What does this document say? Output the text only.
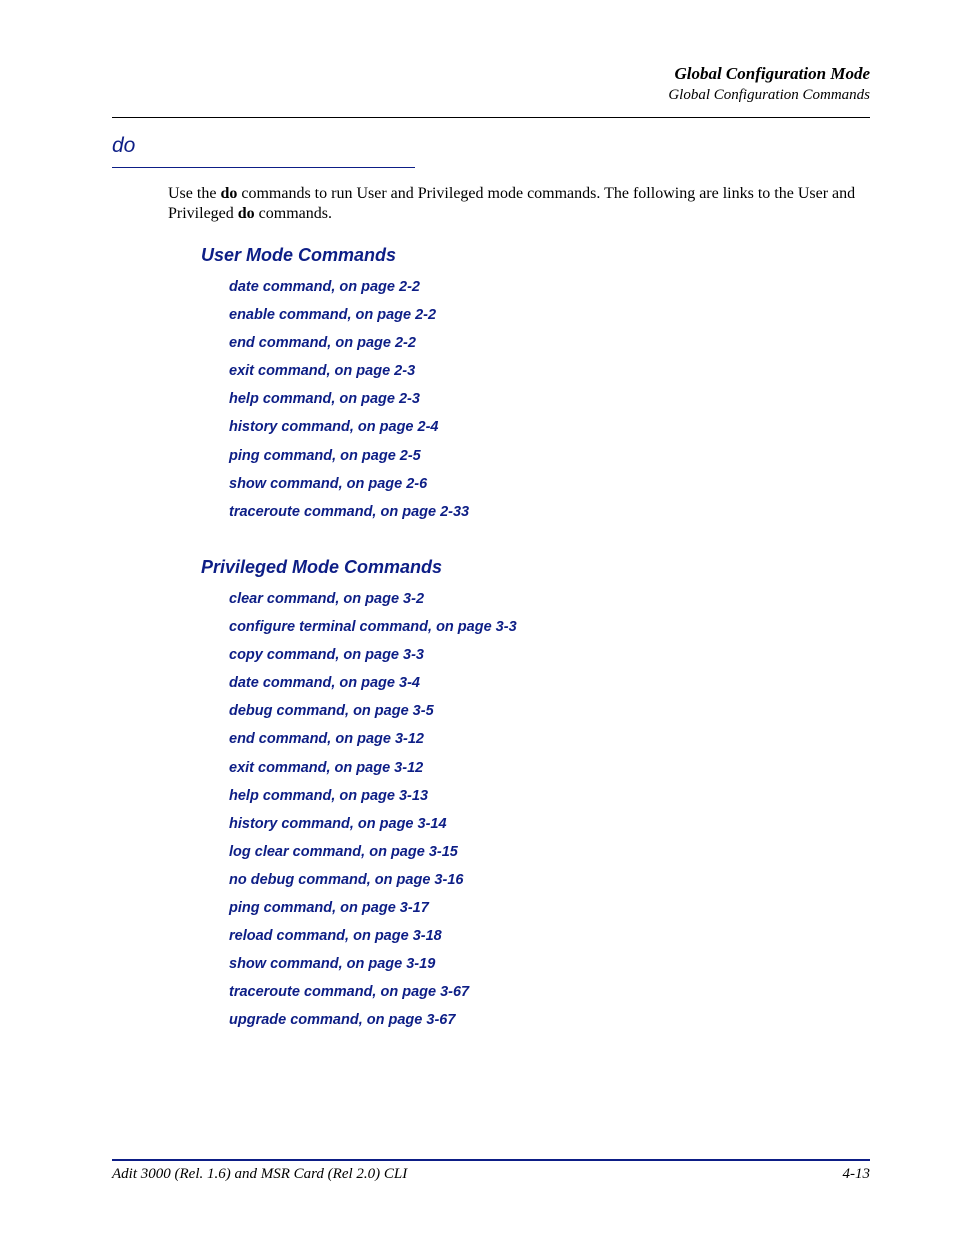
Global Configuration Mode
Global Configuration Commands
do

Use the do commands to run User and Privileged mode commands. The following are links to the User and Privileged do commands.

User Mode Commands
date command, on page 2-2
enable command, on page 2-2
end command, on page 2-2
exit command, on page 2-3
help command, on page 2-3
history command, on page 2-4
ping command, on page 2-5
show command, on page 2-6
traceroute command, on page 2-33
Privileged Mode Commands
clear command, on page 3-2
configure terminal command, on page 3-3
copy command, on page 3-3
date command, on page 3-4
debug command, on page 3-5
end command, on page 3-12
exit command, on page 3-12
help command, on page 3-13
history command, on page 3-14
log clear command, on page 3-15
no debug command, on page 3-16
ping command, on page 3-17
reload command, on page 3-18
show command, on page 3-19
traceroute command, on page 3-67
upgrade command, on page 3-67
Adit 3000 (Rel. 1.6) and MSR Card (Rel 2.0) CLI	4-13
